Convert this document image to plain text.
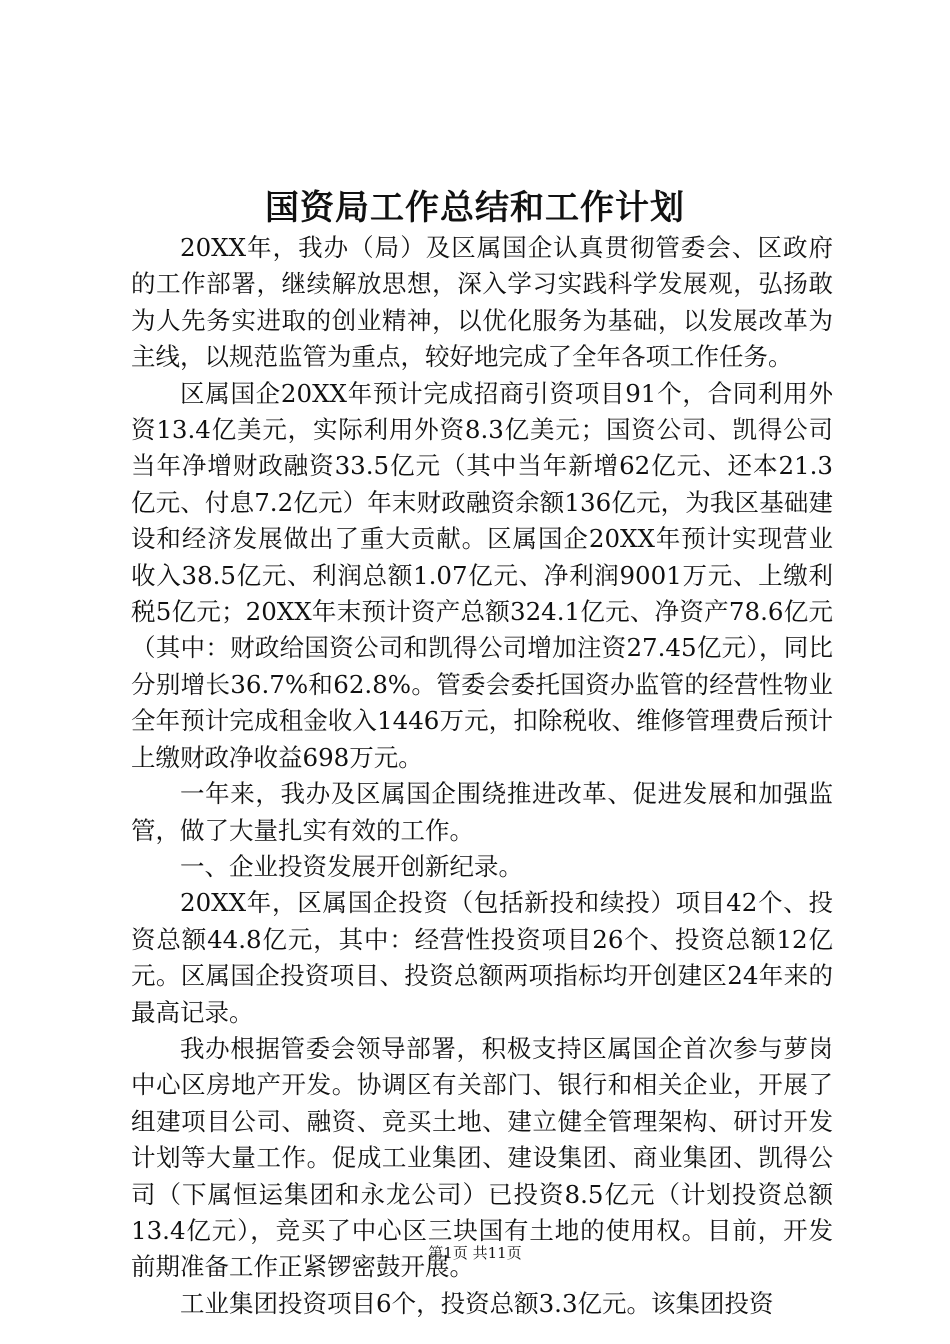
国资局工作总结和工作计划

20XX年，我办（局）及区属国企认真贯彻管委会、区政府的工作部署，继续解放思想，深入学习实践科学发展观，弘扬敢为人先务实进取的创业精神，以优化服务为基础，以发展改革为主线，以规范监管为重点，较好地完成了全年各项工作任务。

区属国企20XX年预计完成招商引资项目91个，合同利用外资13.4亿美元，实际利用外资8.3亿美元；国资公司、凯得公司当年净增财政融资33.5亿元（其中当年新增62亿元、还本21.3亿元、付息7.2亿元）年末财政融资余额136亿元，为我区基础建设和经济发展做出了重大贡献。区属国企20XX年预计实现营业收入38.5亿元、利润总额1.07亿元、净利润9001万元、上缴利税5亿元；20XX年末预计资产总额324.1亿元、净资产78.6亿元（其中：财政给国资公司和凯得公司增加注资27.45亿元），同比分别增长36.7%和62.8%。管委会委托国资办监管的经营性物业全年预计完成租金收入1446万元，扣除税收、维修管理费后预计上缴财政净收益698万元。

一年来，我办及区属国企围绕推进改革、促进发展和加强监管，做了大量扎实有效的工作。

一、企业投资发展开创新纪录。

20XX年，区属国企投资（包括新投和续投）项目42个、投资总额44.8亿元，其中：经营性投资项目26个、投资总额12亿元。区属国企投资项目、投资总额两项指标均开创建区24年来的最高记录。

我办根据管委会领导部署，积极支持区属国企首次参与萝岗中心区房地产开发。协调区有关部门、银行和相关企业，开展了组建项目公司、融资、竞买土地、建立健全管理架构、研讨开发计划等大量工作。促成工业集团、建设集团、商业集团、凯得公司（下属恒运集团和永龙公司）已投资8.5亿元（计划投资总额13.4亿元），竞买了中心区三块国有土地的使用权。目前，开发前期准备工作正紧锣密鼓开展。

工业集团投资项目6个，投资总额3.3亿元。该集团投资

第1页 共11页
